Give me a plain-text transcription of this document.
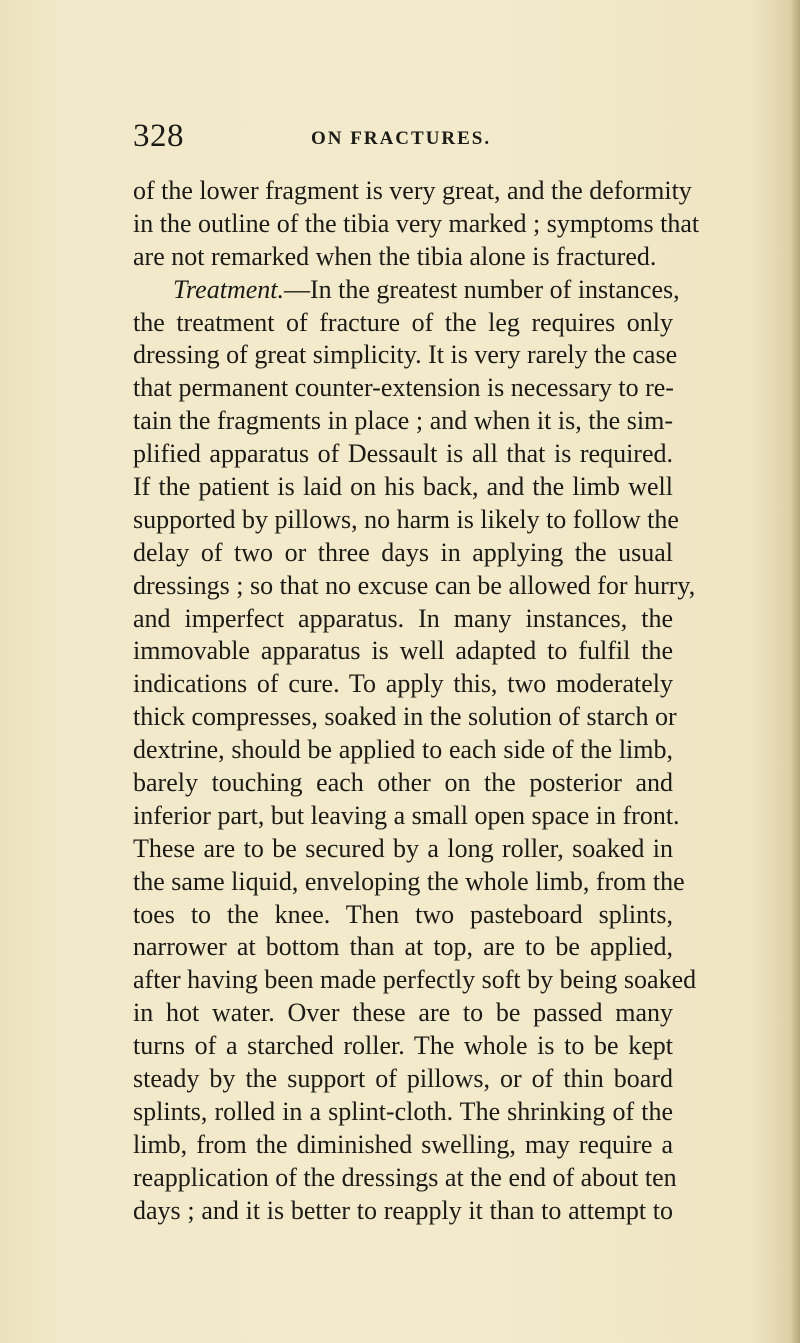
328	ON FRACTURES.
of the lower fragment is very great, and the deformity
in the outline of the tibia very marked ; symptoms that
are not remarked when the tibia alone is fractured.
Treatment.—In the greatest number of instances,
the treatment of fracture of the leg requires only
dressing of great simplicity. It is very rarely the case
that permanent counter-extension is necessary to re-
tain the fragments in place ; and when it is, the sim-
plified apparatus of Dessault is all that is required.
If the patient is laid on his back, and the limb well
supported by pillows, no harm is likely to follow the
delay of two or three days in applying the usual
dressings ; so that no excuse can be allowed for hurry,
and imperfect apparatus. In many instances, the
immovable apparatus is well adapted to fulfil the
indications of cure. To apply this, two moderately
thick compresses, soaked in the solution of starch or
dextrine, should be applied to each side of the limb,
barely touching each other on the posterior and
inferior part, but leaving a small open space in front.
These are to be secured by a long roller, soaked in
the same liquid, enveloping the whole limb, from the
toes to the knee. Then two pasteboard splints,
narrower at bottom than at top, are to be applied,
after having been made perfectly soft by being soaked
in hot water. Over these are to be passed many
turns of a starched roller. The whole is to be kept
steady by the support of pillows, or of thin board
splints, rolled in a splint-cloth. The shrinking of the
limb, from the diminished swelling, may require a
reapplication of the dressings at the end of about ten
days ; and it is better to reapply it than to attempt to
